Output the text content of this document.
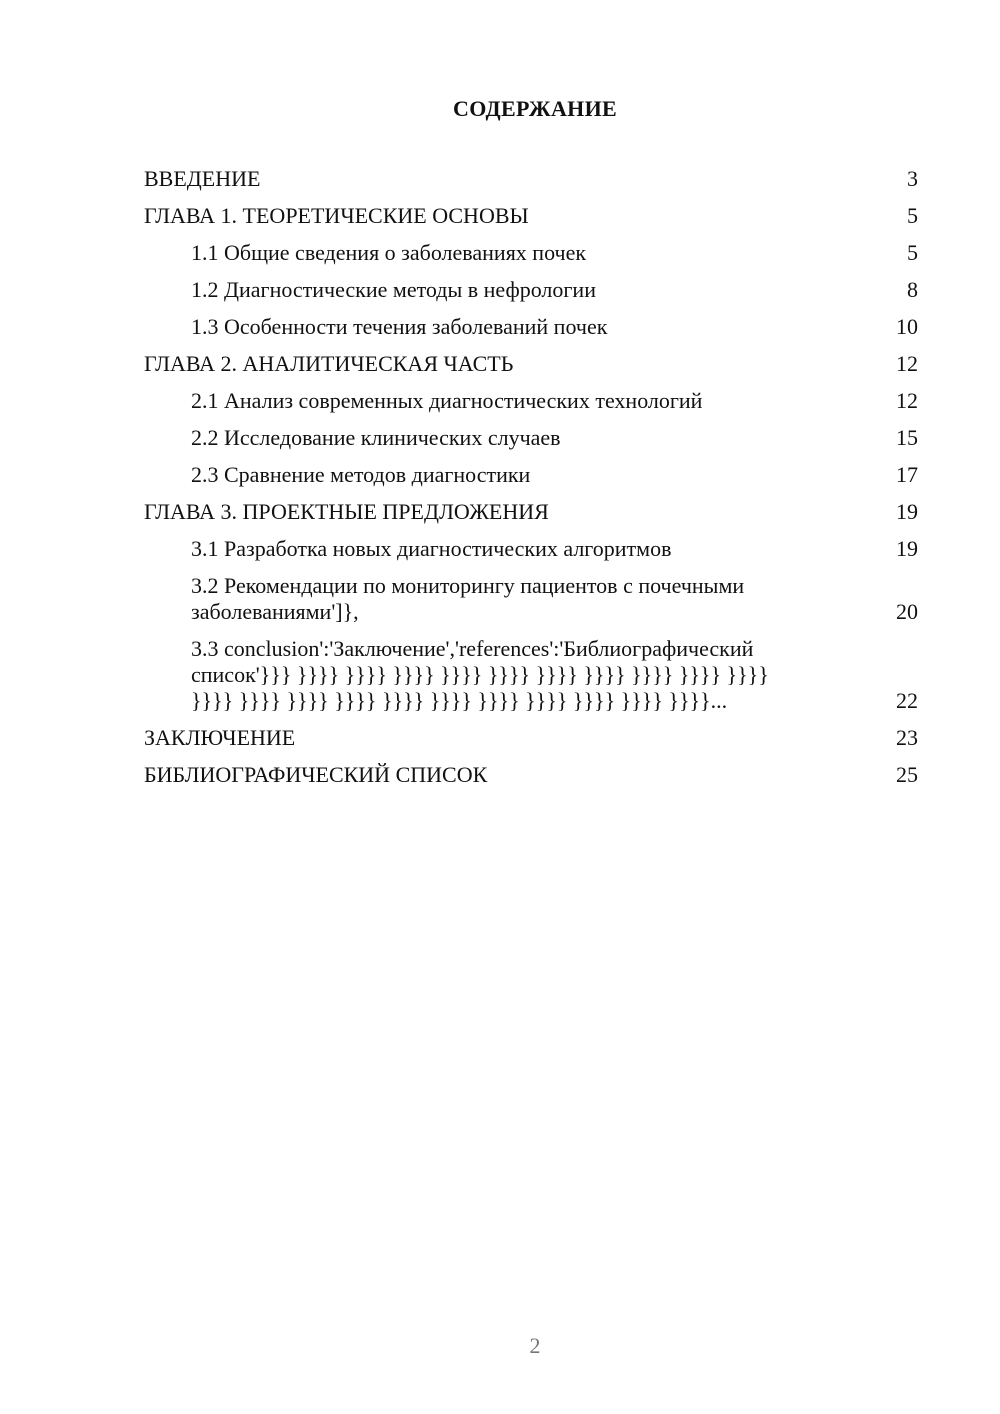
СОДЕРЖАНИЕ
ВВЕДЕНИЕ	3
ГЛАВА 1. ТЕОРЕТИЧЕСКИЕ ОСНОВЫ	5
1.1 Общие сведения о заболеваниях почек	5
1.2 Диагностические методы в нефрологии	8
1.3 Особенности течения заболеваний почек	10
ГЛАВА 2. АНАЛИТИЧЕСКАЯ ЧАСТЬ	12
2.1 Анализ современных диагностических технологий	12
2.2 Исследование клинических случаев	15
2.3 Сравнение методов диагностики	17
ГЛАВА 3. ПРОЕКТНЫЕ ПРЕДЛОЖЕНИЯ	19
3.1 Разработка новых диагностических алгоритмов	19
3.2 Рекомендации по мониторингу пациентов с почечными
заболеваниями']},	20
3.3 conclusion':'Заключение','references':'Библиографический
список'}}} }}}} }}}} }}}} }}}} }}}} }}}} }}}} }}}} }}}} }}}}
}}}} }}}} }}}} }}}} }}}} }}}} }}}} }}}} }}}} }}}} }}}}...	22
ЗАКЛЮЧЕНИЕ	23
БИБЛИОГРАФИЧЕСКИЙ СПИСОК	25
2
